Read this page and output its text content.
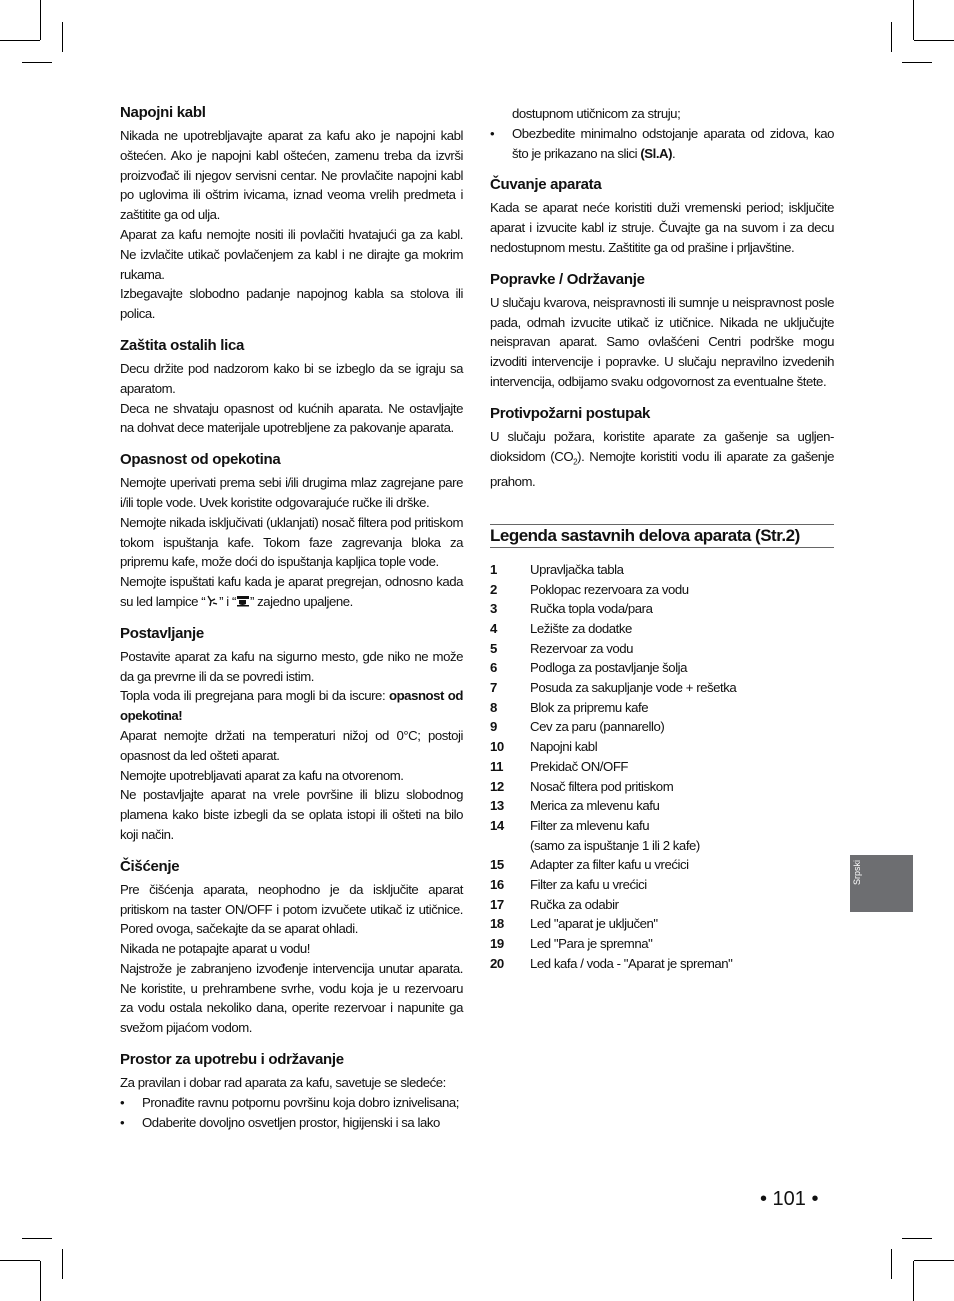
Napojni kabl
Nikada ne upotrebljavajte aparat za kafu ako je napojni kabl oštećen. Ako je napojni kabl oštećen, zamenu treba da izvrši proizvođač ili njegov servisni centar. Ne provlačite napojni kabl po uglovima ili oštrim ivicama, iznad veoma vrelih predmeta i zaštitite ga od ulja.
Aparat za kafu nemojte nositi ili povlačiti hvatajući ga za kabl. Ne izvlačite utikač povlačenjem za kabl i ne dirajte ga mokrim rukama.
Izbegavajte slobodno padanje napojnog kabla sa stolova ili polica.
Zaštita ostalih lica
Decu držite pod nadzorom kako bi se izbeglo da se igraju sa aparatom.
Deca ne shvataju opasnost od kućnih aparata. Ne ostavljajte na dohvat dece materijale upotrebljene za pakovanje aparata.
Opasnost od opekotina
Nemojte uperivati prema sebi i/ili drugima mlaz zagrejane pare i/ili tople vode. Uvek koristite odgovarajuće ručke ili drške.
Nemojte nikada isključivati (uklanjati) nosač filtera pod pritiskom tokom ispuštanja kafe. Tokom faze zagrevanja bloka za pripremu kafe, može doći do ispuštanja kapljica tople vode.
Nemojte ispuštati kafu kada je aparat pregrejan, odnosno kada su led lampice “ ” i “ ” zajedno upaljene.
Postavljanje
Postavite aparat za kafu na sigurno mesto, gde niko ne može da ga prevrne ili da se povredi istim.
Topla voda ili pregrejana para mogli bi da iscure: opasnost od opekotina!
Aparat nemojte držati na temperaturi nižoj od 0°C; postoji opasnost da led ošteti aparat.
Nemojte upotrebljavati aparat za kafu na otvorenom.
Ne postavljajte aparat na vrele površine ili blizu slobodnog plamena kako biste izbegli da se oplata istopi ili ošteti na bilo koji način.
Čišćenje
Pre čišćenja aparata, neophodno je da isključite aparat pritiskom na taster ON/OFF i potom izvučete utikač iz utičnice. Pored ovoga, sačekajte da se aparat ohladi.
Nikada ne potapajte aparat u vodu!
Najstrože je zabranjeno izvođenje intervencija unutar aparata. Ne koristite, u prehrambene svrhe, vodu koja je u rezervoaru za vodu ostala nekoliko dana, operite rezervoar i napunite ga svežom pijaćom vodom.
Prostor za upotrebu i održavanje
Za pravilan i dobar rad aparata za kafu, savetuje se sledeće:
• Pronađite ravnu potpornu površinu koja dobro iznivelisana;
• Odaberite dovoljno osvetljen prostor, higijenski i sa lako
dostupnom utičnicom za struju;
• Obezbedite minimalno odstojanje aparata od zidova, kao što je prikazano na slici (Sl.A).
Čuvanje aparata
Kada se aparat neće koristiti duži vremenski period; isključite aparat i izvucite kabl iz struje. Čuvajte ga na suvom i za decu nedostupnom mestu. Zaštitite ga od prašine i prljavštine.
Popravke / Održavanje
U slučaju kvarova, neispravnosti ili sumnje u neispravnost posle pada, odmah izvucite utikač iz utičnice. Nikada ne uključujte neispravan aparat. Samo ovlašćeni Centri podrške mogu izvoditi intervencije i popravke. U slučaju nepravilno izvedenih intervencija, odbijamo svaku odgovornost za eventualne štete.
Protivpožarni postupak
U slučaju požara, koristite aparate za gašenje sa ugljen-dioksidom $(CO_2)$. Nemojte koristiti vodu ili aparate za gašenje prahom.
Legenda sastavnih delova aparata (Str.2)
1	Upravljačka tabla
2	Poklopac rezervoara za vodu
3	Ručka topla voda/para
4	Ležište za dodatke
5	Rezervoar za vodu
6	Podloga za postavljanje šolja
7	Posuda za sakupljanje vode + rešetka
8	Blok za pripremu kafe
9	Cev za paru (pannarello)
10	Napojni kabl
11	Prekidač ON/OFF
12	Nosač filtera pod pritiskom
13	Merica za mlevenu kafu
14	Filter za mlevenu kafu
(samo za ispuštanje 1 ili 2 kafe)
15	Adapter za filter kafu u vrećici
16	Filter za kafu u vrećici
17	Ručka za odabir
18	Led "aparat je uključen"
19	Led "Para je spremna"
20	Led kafa / voda - "Aparat je spreman"
Srpski
• 101 •
